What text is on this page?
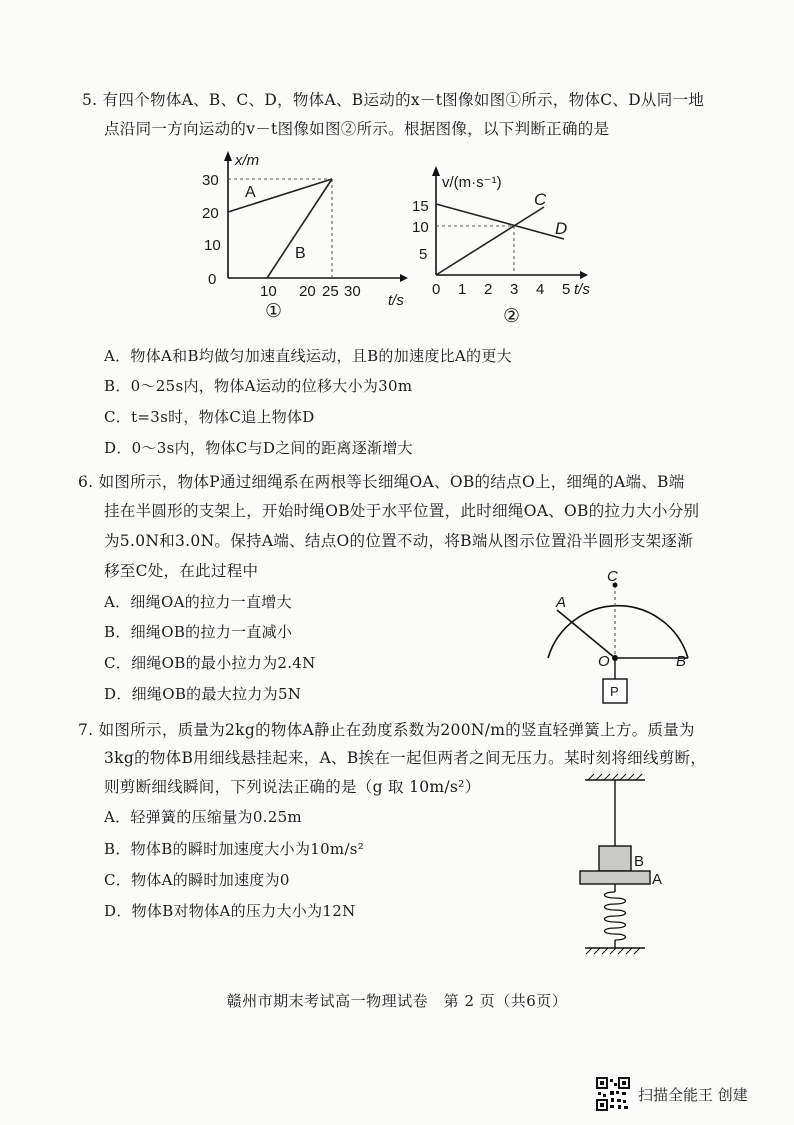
5. 有四个物体A、B、C、D，物体A、B运动的x－t图像如图①所示，物体C、D从同一地
点沿同一方向运动的v－t图像如图②所示。根据图像，以下判断正确的是
x/m
t/s
0
10
20
30
10 20 25 30
A
B
①
v/(m·s⁻¹)
t/s
5
10
15
0 1 2 3 4 5
C
D
②
A．物体A和B均做匀加速直线运动，且B的加速度比A的更大
B．0～25s内，物体A运动的位移大小为30m
C．t=3s时，物体C追上物体D
D．0～3s内，物体C与D之间的距离逐渐增大
6. 如图所示，物体P通过细绳系在两根等长细绳OA、OB的结点O上，细绳的A端、B端
挂在半圆形的支架上，开始时绳OB处于水平位置，此时细绳OA、OB的拉力大小分别
为5.0N和3.0N。保持A端、结点O的位置不动，将B端从图示位置沿半圆形支架逐渐
移至C处，在此过程中
A．细绳OA的拉力一直增大
B．细绳OB的拉力一直减小
C．细绳OB的最小拉力为2.4N
D．细绳OB的最大拉力为5N	P
C
A
O	B
7. 如图所示，质量为2kg的物体A静止在劲度系数为200N/m的竖直轻弹簧上方。质量为
3kg的物体B用细线悬挂起来，A、B挨在一起但两者之间无压力。某时刻将细线剪断，
则剪断细线瞬间，下列说法正确的是（g 取 10m/s²）
A．轻弹簧的压缩量为0.25m
B．物体B的瞬时加速度大小为10m/s²
C．物体A的瞬时加速度为0
D．物体B对物体A的压力大小为12N
B
A
赣州市期末考试高一物理试卷　第 2 页（共6页）
扫描全能王 创建
